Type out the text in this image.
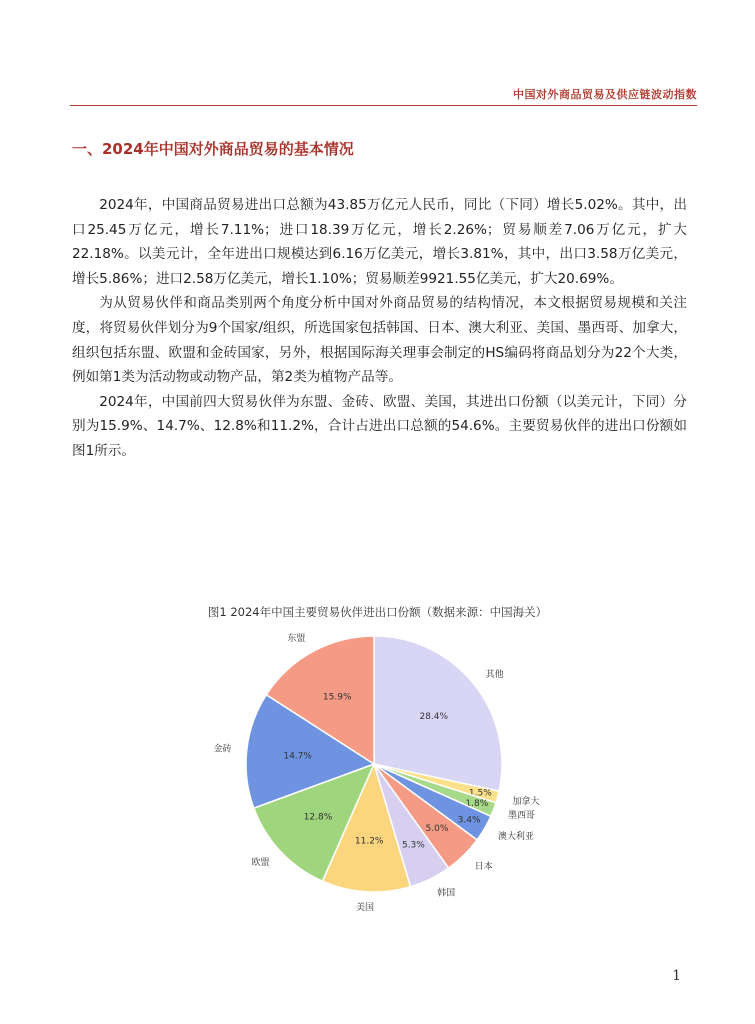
中国对外商品贸易及供应链波动指数
一、2024年中国对外商品贸易的基本情况

2024年，中国商品贸易进出口总额为43.85万亿元人民币，同比（下同）增长5.02%。其中，出口25.45万亿元，增长7.11%；进口18.39万亿元，增长2.26%；贸易顺差7.06万亿元，扩大22.18%。以美元计，全年进出口规模达到6.16万亿美元，增长3.81%，其中，出口3.58万亿美元，增长5.86%；进口2.58万亿美元，增长1.10%；贸易顺差9921.55亿美元，扩大20.69%。

为从贸易伙伴和商品类别两个角度分析中国对外商品贸易的结构情况，本文根据贸易规模和关注度，将贸易伙伴划分为9个国家/组织，所选国家包括韩国、日本、澳大利亚、美国、墨西哥、加拿大，组织包括东盟、欧盟和金砖国家，另外，根据国际海关理事会制定的HS编码将商品划分为22个大类，例如第1类为活动物或动物产品，第2类为植物产品等。

2024年，中国前四大贸易伙伴为东盟、金砖、欧盟、美国，其进出口份额（以美元计，下同）分别为15.9%、14.7%、12.8%和11.2%，合计占进出口总额的54.6%。主要贸易伙伴的进出口份额如图1所示。

图1 2024年中国主要贸易伙伴进出口份额（数据来源：中国海关）
28.4%
其他
1.5%
加拿大
1.8%
墨西哥
3.4%
澳大利亚
5.0%
日本
5.3%
韩国
11.2%
美国
12.8%
欧盟
14.7%
金砖
15.9%
东盟
1
